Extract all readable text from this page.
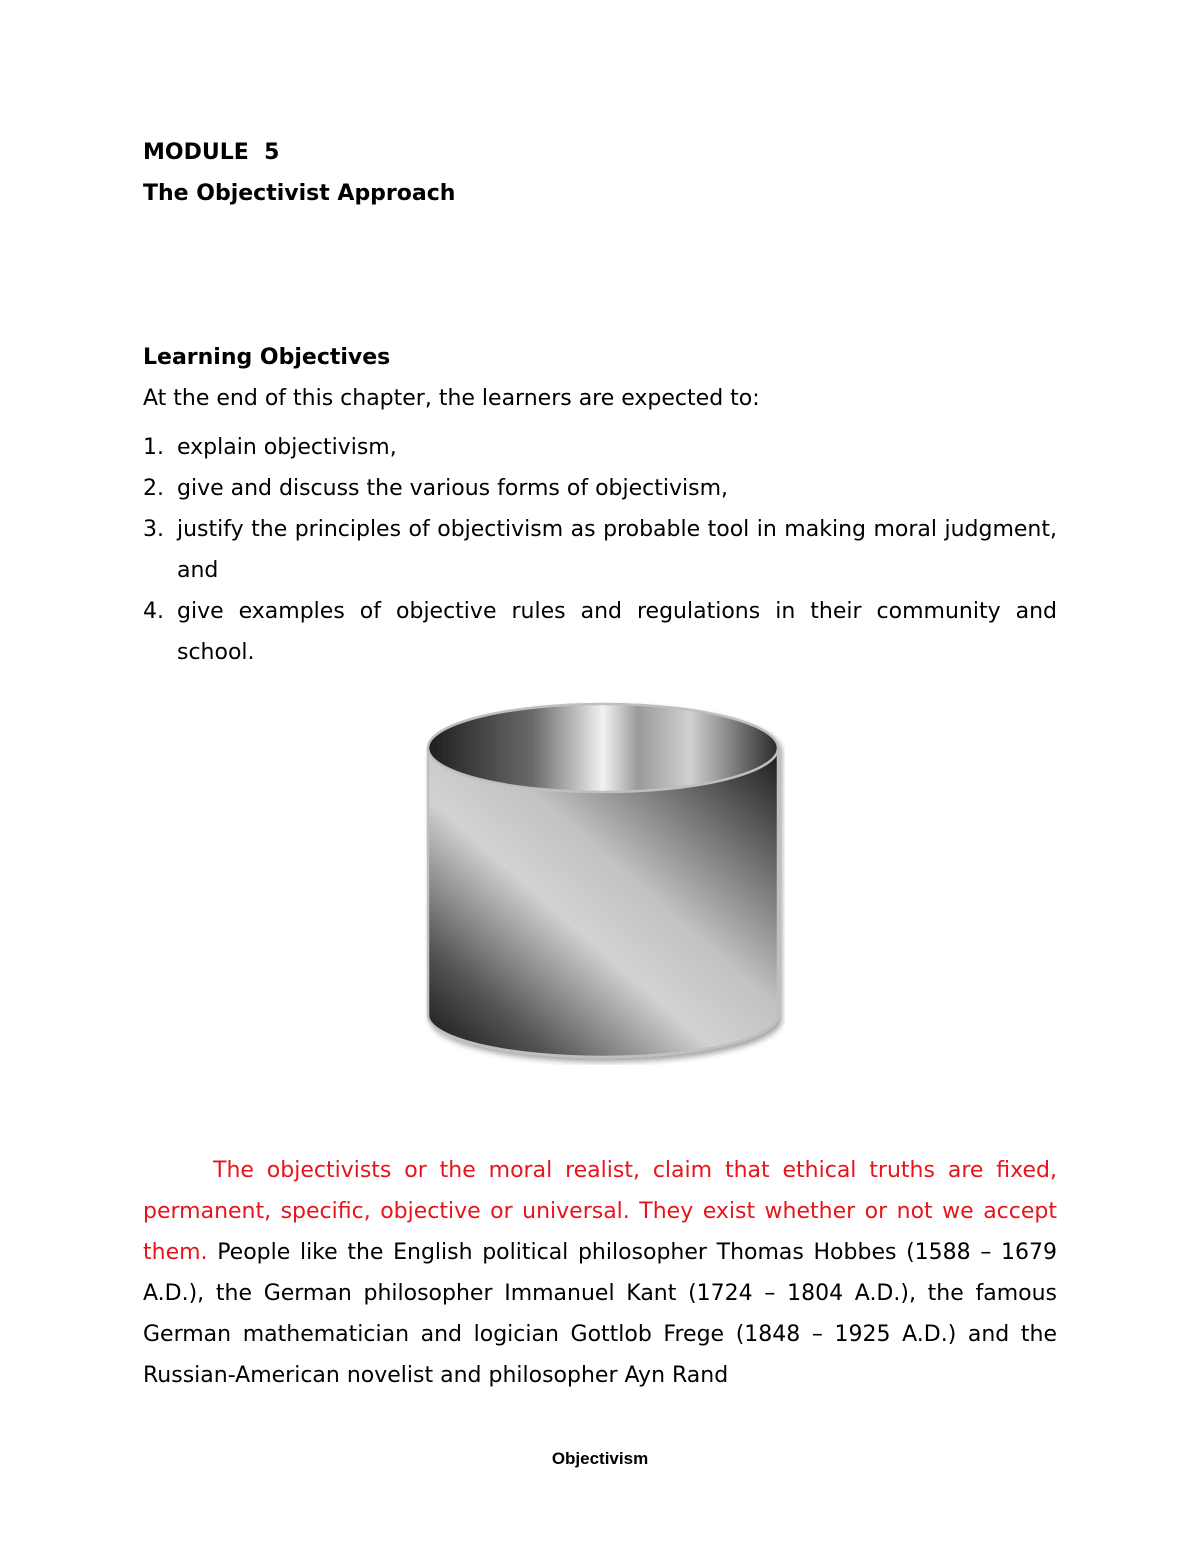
MODULE  5
The Objectivist Approach
Learning Objectives
At the end of this chapter, the learners are expected to:
1. explain objectivism,
2. give and discuss the various forms of objectivism,
3. justify the principles of objectivism as probable tool in making moral judgment, and
4. give examples of objective rules and regulations in their community and school.

The objectivists or the moral realist, claim that ethical truths are fixed, permanent, specific, objective or universal. They exist whether or not we accept them. People like the English political philosopher Thomas Hobbes (1588 – 1679 A.D.), the German philosopher Immanuel Kant (1724 – 1804 A.D.), the famous German mathematician and logician Gottlob Frege (1848 – 1925 A.D.) and the Russian-American novelist and philosopher Ayn Rand

Objectivism
